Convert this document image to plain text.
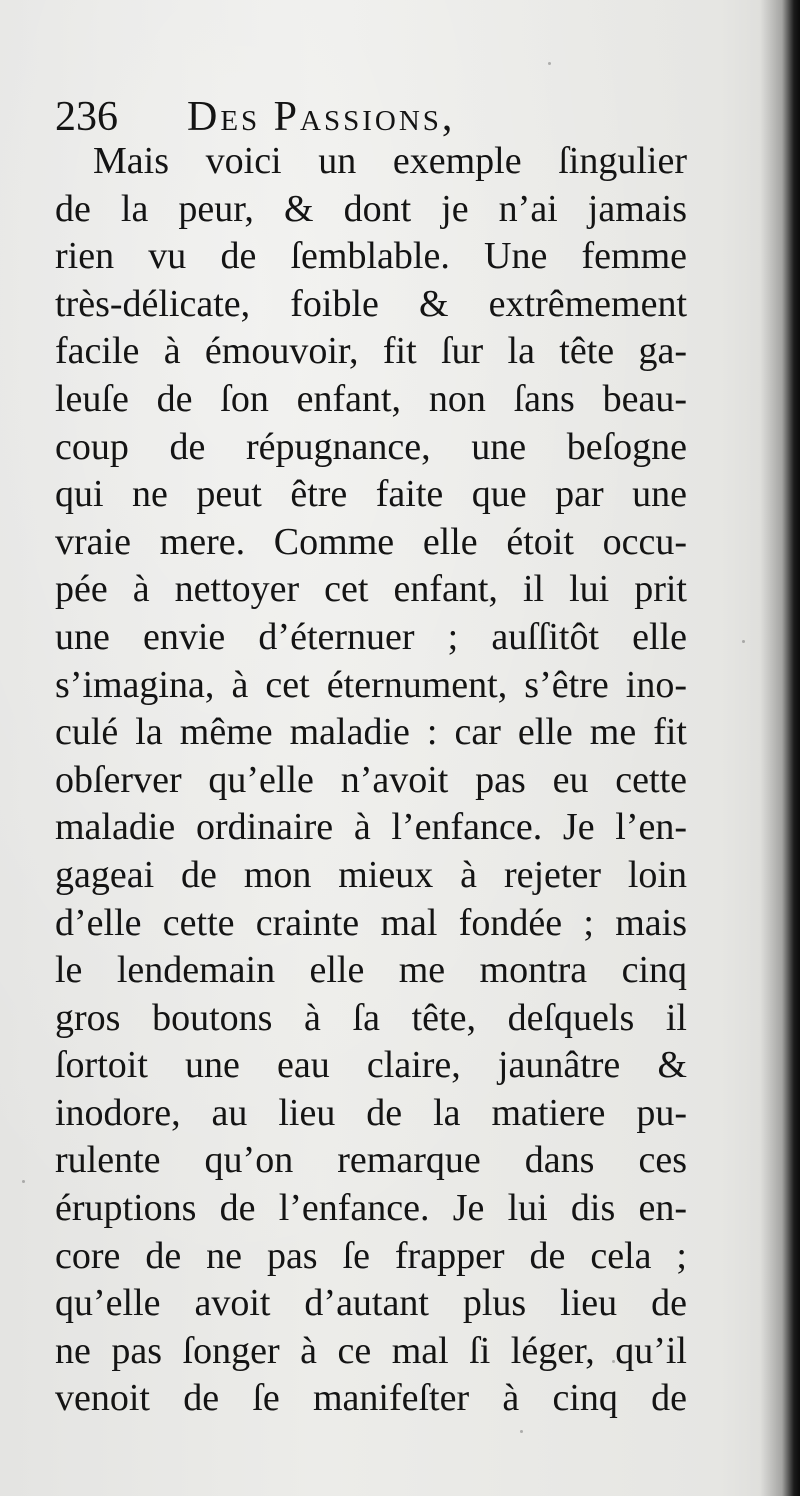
236 Des Passions,
Mais voici un exemple ſingulier
de la peur, & dont je n’ai jamais
rien vu de ſemblable. Une femme
très-délicate, foible & extrêmement
facile à émouvoir, fit ſur la tête ga-
leuſe de ſon enfant, non ſans beau-
coup de répugnance, une beſogne
qui ne peut être faite que par une
vraie mere. Comme elle étoit occu-
pée à nettoyer cet enfant, il lui prit
une envie d’éternuer ; auſſitôt elle
s’imagina, à cet éternument, s’être ino-
culé la même maladie : car elle me fit
obſerver qu’elle n’avoit pas eu cette
maladie ordinaire à l’enfance. Je l’en-
gageai de mon mieux à rejeter loin
d’elle cette crainte mal fondée ; mais
le lendemain elle me montra cinq
gros boutons à ſa tête, deſquels il
ſortoit une eau claire, jaunâtre &
inodore, au lieu de la matiere pu-
rulente qu’on remarque dans ces
éruptions de l’enfance. Je lui dis en-
core de ne pas ſe frapper de cela ;
qu’elle avoit d’autant plus lieu de
ne pas ſonger à ce mal ſi léger, qu’il
venoit de ſe manifeſter à cinq de
